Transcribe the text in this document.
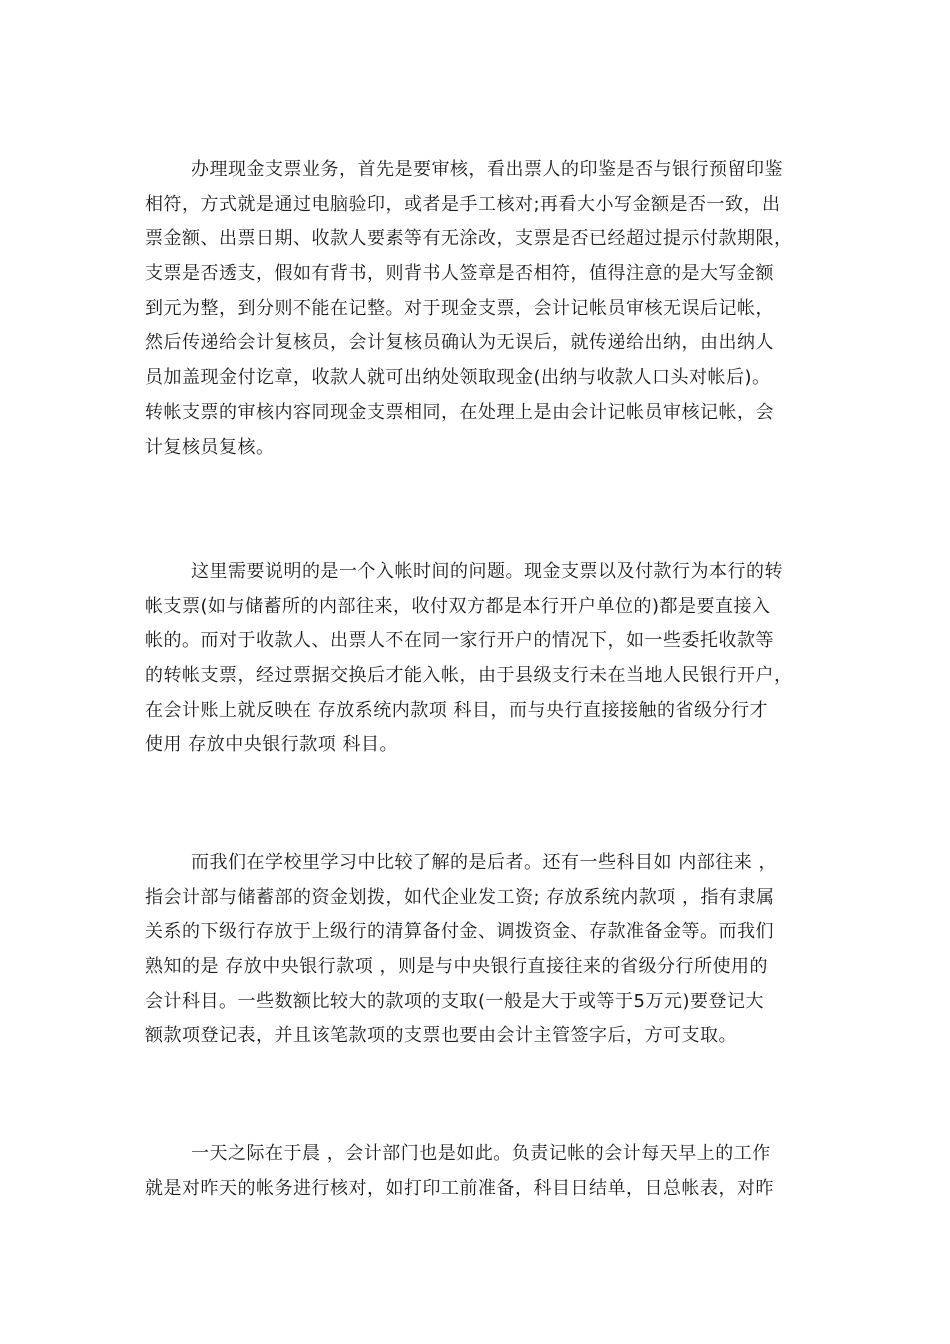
办理现金支票业务，首先是要审核，看出票人的印鉴是否与银行预留印鉴
相符，方式就是通过电脑验印，或者是手工核对;再看大小写金额是否一致，出
票金额、出票日期、收款人要素等有无涂改，支票是否已经超过提示付款期限，
支票是否透支，假如有背书，则背书人签章是否相符，值得注意的是大写金额
到元为整，到分则不能在记整。对于现金支票，会计记帐员审核无误后记帐，
然后传递给会计复核员，会计复核员确认为无误后，就传递给出纳，由出纳人
员加盖现金付讫章，收款人就可出纳处领取现金(出纳与收款人口头对帐后)。
转帐支票的审核内容同现金支票相同，在处理上是由会计记帐员审核记帐，会
计复核员复核。
这里需要说明的是一个入帐时间的问题。现金支票以及付款行为本行的转
帐支票(如与储蓄所的内部往来，收付双方都是本行开户单位的)都是要直接入
帐的。而对于收款人、出票人不在同一家行开户的情况下，如一些委托收款等
的转帐支票，经过票据交换后才能入帐，由于县级支行未在当地人民银行开户，
在会计账上就反映在 存放系统内款项 科目，而与央行直接接触的省级分行才
使用 存放中央银行款项 科目。
而我们在学校里学习中比较了解的是后者。还有一些科目如 内部往来 ，
指会计部与储蓄部的资金划拨，如代企业发工资; 存放系统内款项 ，指有隶属
关系的下级行存放于上级行的清算备付金、调拨资金、存款准备金等。而我们
熟知的是 存放中央银行款项 ，则是与中央银行直接往来的省级分行所使用的
会计科目。一些数额比较大的款项的支取(一般是大于或等于5万元)要登记大
额款项登记表，并且该笔款项的支票也要由会计主管签字后，方可支取。
一天之际在于晨 ，会计部门也是如此。负责记帐的会计每天早上的工作
就是对昨天的帐务进行核对，如打印工前准备，科目日结单，日总帐表，对昨
